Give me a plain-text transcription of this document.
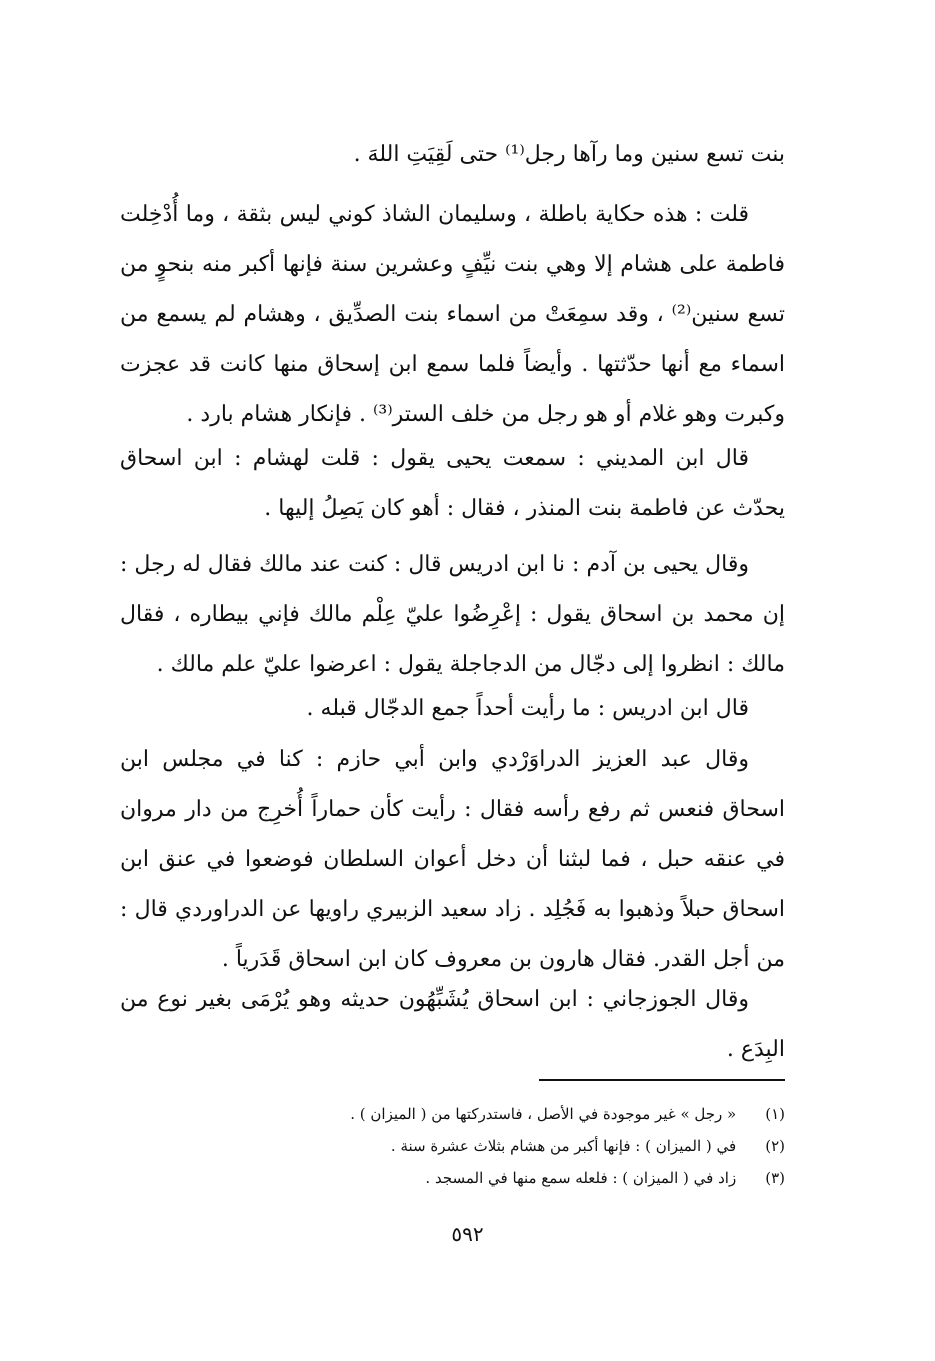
بنت تسع سنين وما رآها رجل⁽¹⁾ حتى لَقِيَتِ اللهَ .

قلت : هذه حكاية باطلة ، وسليمان الشاذ كوني ليس بثقة ، وما أُدْخِلت فاطمة على هشام إلا وهي بنت نيِّفٍ وعشرين سنة فإنها أكبر منه بنحوٍ من تسع سنين⁽²⁾ ، وقد سمِعَتْ من اسماء بنت الصدِّيق ، وهشام لم يسمع من اسماء مع أنها حدّثتها . وأيضاً فلما سمع ابن إسحاق منها كانت قد عجزت وكبرت وهو غلام أو هو رجل من خلف الستر⁽³⁾ . فإنكار هشام بارد .

قال ابن المديني : سمعت يحيى يقول : قلت لهشام : ابن اسحاق يحدّث عن فاطمة بنت المنذر ، فقال : أهو كان يَصِلُ إليها .

وقال يحيى بن آدم : نا ابن ادريس قال : كنت عند مالك فقال له رجل : إن محمد بن اسحاق يقول : إعْرِضُوا عليّ عِلْم مالك فإني بيطاره ، فقال مالك : انظروا إلى دجّال من الدجاجلة يقول : اعرضوا عليّ علم مالك .

قال ابن ادريس : ما رأيت أحداً جمع الدجّال قبله .

وقال عبد العزيز الدراوَرْدي وابن أبي حازم : كنا في مجلس ابن اسحاق فنعس ثم رفع رأسه فقال : رأيت كأن حماراً أُخرِج من دار مروان في عنقه حبل ، فما لبثنا أن دخل أعوان السلطان فوضعوا في عنق ابن اسحاق حبلاً وذهبوا به فَجُلِد . زاد سعيد الزبيري راويها عن الدراوردي قال : من أجل القدر. فقال هارون بن معروف كان ابن اسحاق قَدَرياً .

وقال الجوزجاني : ابن اسحاق يُشَبِّهُون حديثه وهو يُرْمَى بغير نوع من البِدَع .

(١) « رجل » غير موجودة في الأصل ، فاستدركتها من ( الميزان ) .

(٢) في ( الميزان ) : فإنها أكبر من هشام بثلاث عشرة سنة .

(٣) زاد في ( الميزان ) : فلعله سمع منها في المسجد .

٥٩٢
